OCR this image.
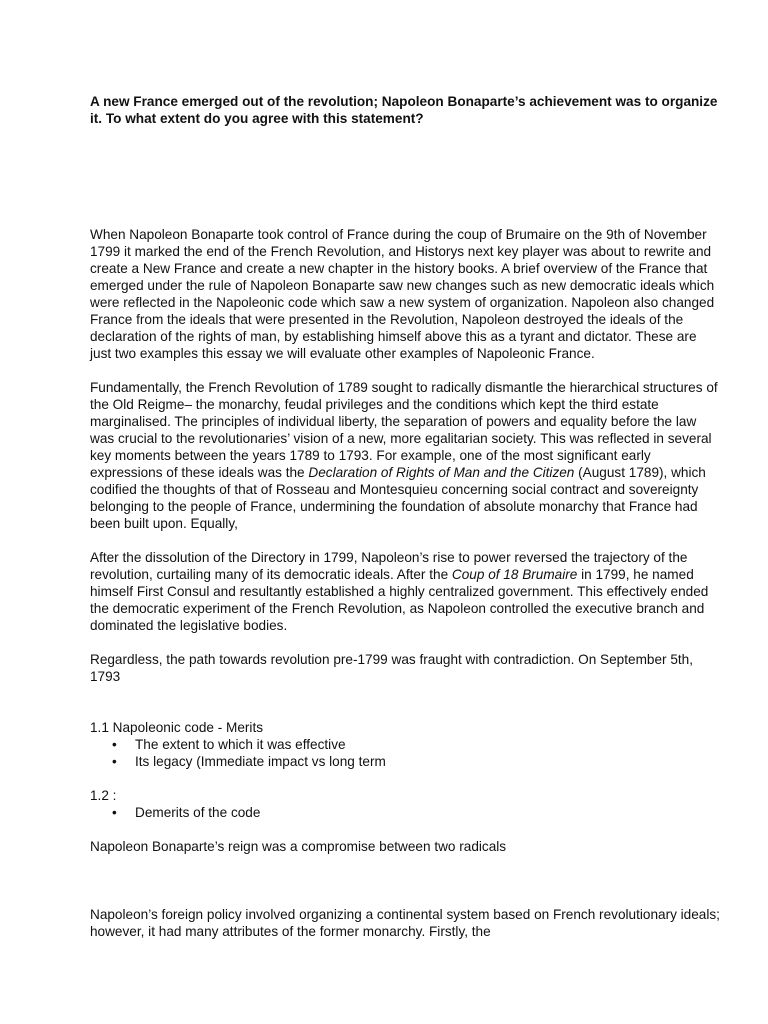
A new France emerged out of the revolution; Napoleon Bonaparte’s achievement was to organize it. To what extent do you agree with this statement?

When Napoleon Bonaparte took control of France during the coup of Brumaire on the 9th of November 1799 it marked the end of the French Revolution, and Historys next key player was about to rewrite and create a New France and create a new chapter in the history books. A brief overview of the France that emerged under the rule of Napoleon Bonaparte saw new changes such as new democratic ideals which were reflected in the Napoleonic code which saw a new system of organization. Napoleon also changed France from the ideals that were presented in the Revolution, Napoleon destroyed the ideals of the declaration of the rights of man, by establishing himself above this as a tyrant and dictator. These are just two examples this essay we will evaluate other examples of Napoleonic France.

Fundamentally, the French Revolution of 1789 sought to radically dismantle the hierarchical structures of the Old Reigme– the monarchy, feudal privileges and the conditions which kept the third estate marginalised. The principles of individual liberty, the separation of powers and equality before the law was crucial to the revolutionaries’ vision of a new, more egalitarian society. This was reflected in several key moments between the years 1789 to 1793. For example, one of the most significant early expressions of these ideals was the Declaration of Rights of Man and the Citizen (August 1789), which codified the thoughts of that of Rosseau and Montesquieu concerning social contract and sovereignty belonging to the people of France, undermining the foundation of absolute monarchy that France had been built upon. Equally,

After the dissolution of the Directory in 1799, Napoleon’s rise to power reversed the trajectory of the revolution, curtailing many of its democratic ideals. After the Coup of 18 Brumaire in 1799, he named himself First Consul and resultantly established a highly centralized government. This effectively ended the democratic experiment of the French Revolution, as Napoleon controlled the executive branch and dominated the legislative bodies.

Regardless, the path towards revolution pre-1799 was fraught with contradiction. On September 5th, 1793

1.1 Napoleonic code - Merits

• The extent to which it was effective
• Its legacy (Immediate impact vs long term

1.2 :

• Demerits of the code

Napoleon Bonaparte’s reign was a compromise between two radicals

Napoleon’s foreign policy involved organizing a continental system based on French revolutionary ideals; however, it had many attributes of the former monarchy. Firstly, the
